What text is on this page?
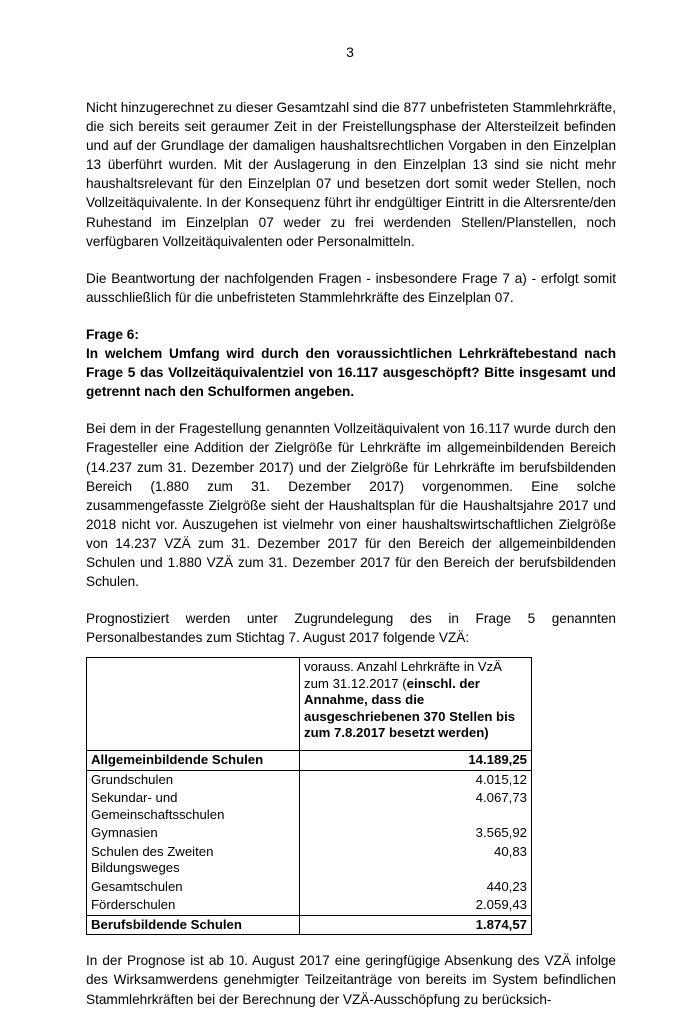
3

Nicht hinzugerechnet zu dieser Gesamtzahl sind die 877 unbefristeten Stammlehrkräfte, die sich bereits seit geraumer Zeit in der Freistellungsphase der Altersteilzeit befinden und auf der Grundlage der damaligen haushaltsrechtlichen Vorgaben in den Einzelplan 13 überführt wurden. Mit der Auslagerung in den Einzelplan 13 sind sie nicht mehr haushaltsrelevant für den Einzelplan 07 und besetzen dort somit weder Stellen, noch Vollzeitäquivalente. In der Konsequenz führt ihr endgültiger Eintritt in die Altersrente/den Ruhestand im Einzelplan 07 weder zu frei werdenden Stellen/Planstellen, noch verfügbaren Vollzeitäquivalenten oder Personalmitteln.

Die Beantwortung der nachfolgenden Fragen - insbesondere Frage 7 a) - erfolgt somit ausschließlich für die unbefristeten Stammlehrkräfte des Einzelplan 07.

Frage 6:
In welchem Umfang wird durch den voraussichtlichen Lehrkräftebestand nach Frage 5 das Vollzeitäquivalentziel von 16.117 ausgeschöpft? Bitte insgesamt und getrennt nach den Schulformen angeben.

Bei dem in der Fragestellung genannten Vollzeitäquivalent von 16.117 wurde durch den Fragesteller eine Addition der Zielgröße für Lehrkräfte im allgemeinbildenden Bereich (14.237 zum 31. Dezember 2017) und der Zielgröße für Lehrkräfte im berufsbildenden Bereich (1.880 zum 31. Dezember 2017) vorgenommen. Eine solche zusammengefasste Zielgröße sieht der Haushaltsplan für die Haushaltsjahre 2017 und 2018 nicht vor. Auszugehen ist vielmehr von einer haushaltswirtschaftlichen Zielgröße von 14.237 VZÄ zum 31. Dezember 2017 für den Bereich der allgemeinbildenden Schulen und 1.880 VZÄ zum 31. Dezember 2017 für den Bereich der berufsbildenden Schulen.

Prognostiziert werden unter Zugrundelegung des in Frage 5 genannten Personalbestandes zum Stichtag 7. August 2017 folgende VZÄ:

	vorauss. Anzahl Lehrkräfte in VzÄ zum 31.12.2017 (einschl. der Annahme, dass die ausgeschriebenen 370 Stellen bis zum 7.8.2017 besetzt werden)
Allgemeinbildende Schulen	14.189,25
Grundschulen	4.015,12
Sekundar- und Gemeinschaftsschulen	4.067,73
Gymnasien	3.565,92
Schulen des Zweiten Bildungsweges	40,83
Gesamtschulen	440,23
Förderschulen	2.059,43
Berufsbildende Schulen	1.874,57

In der Prognose ist ab 10. August 2017 eine geringfügige Absenkung des VZÄ infolge des Wirksamwerdens genehmigter Teilzeitanträge von bereits im System befindlichen Stammlehrkräften bei der Berechnung der VZÄ-Ausschöpfung zu berücksich-
